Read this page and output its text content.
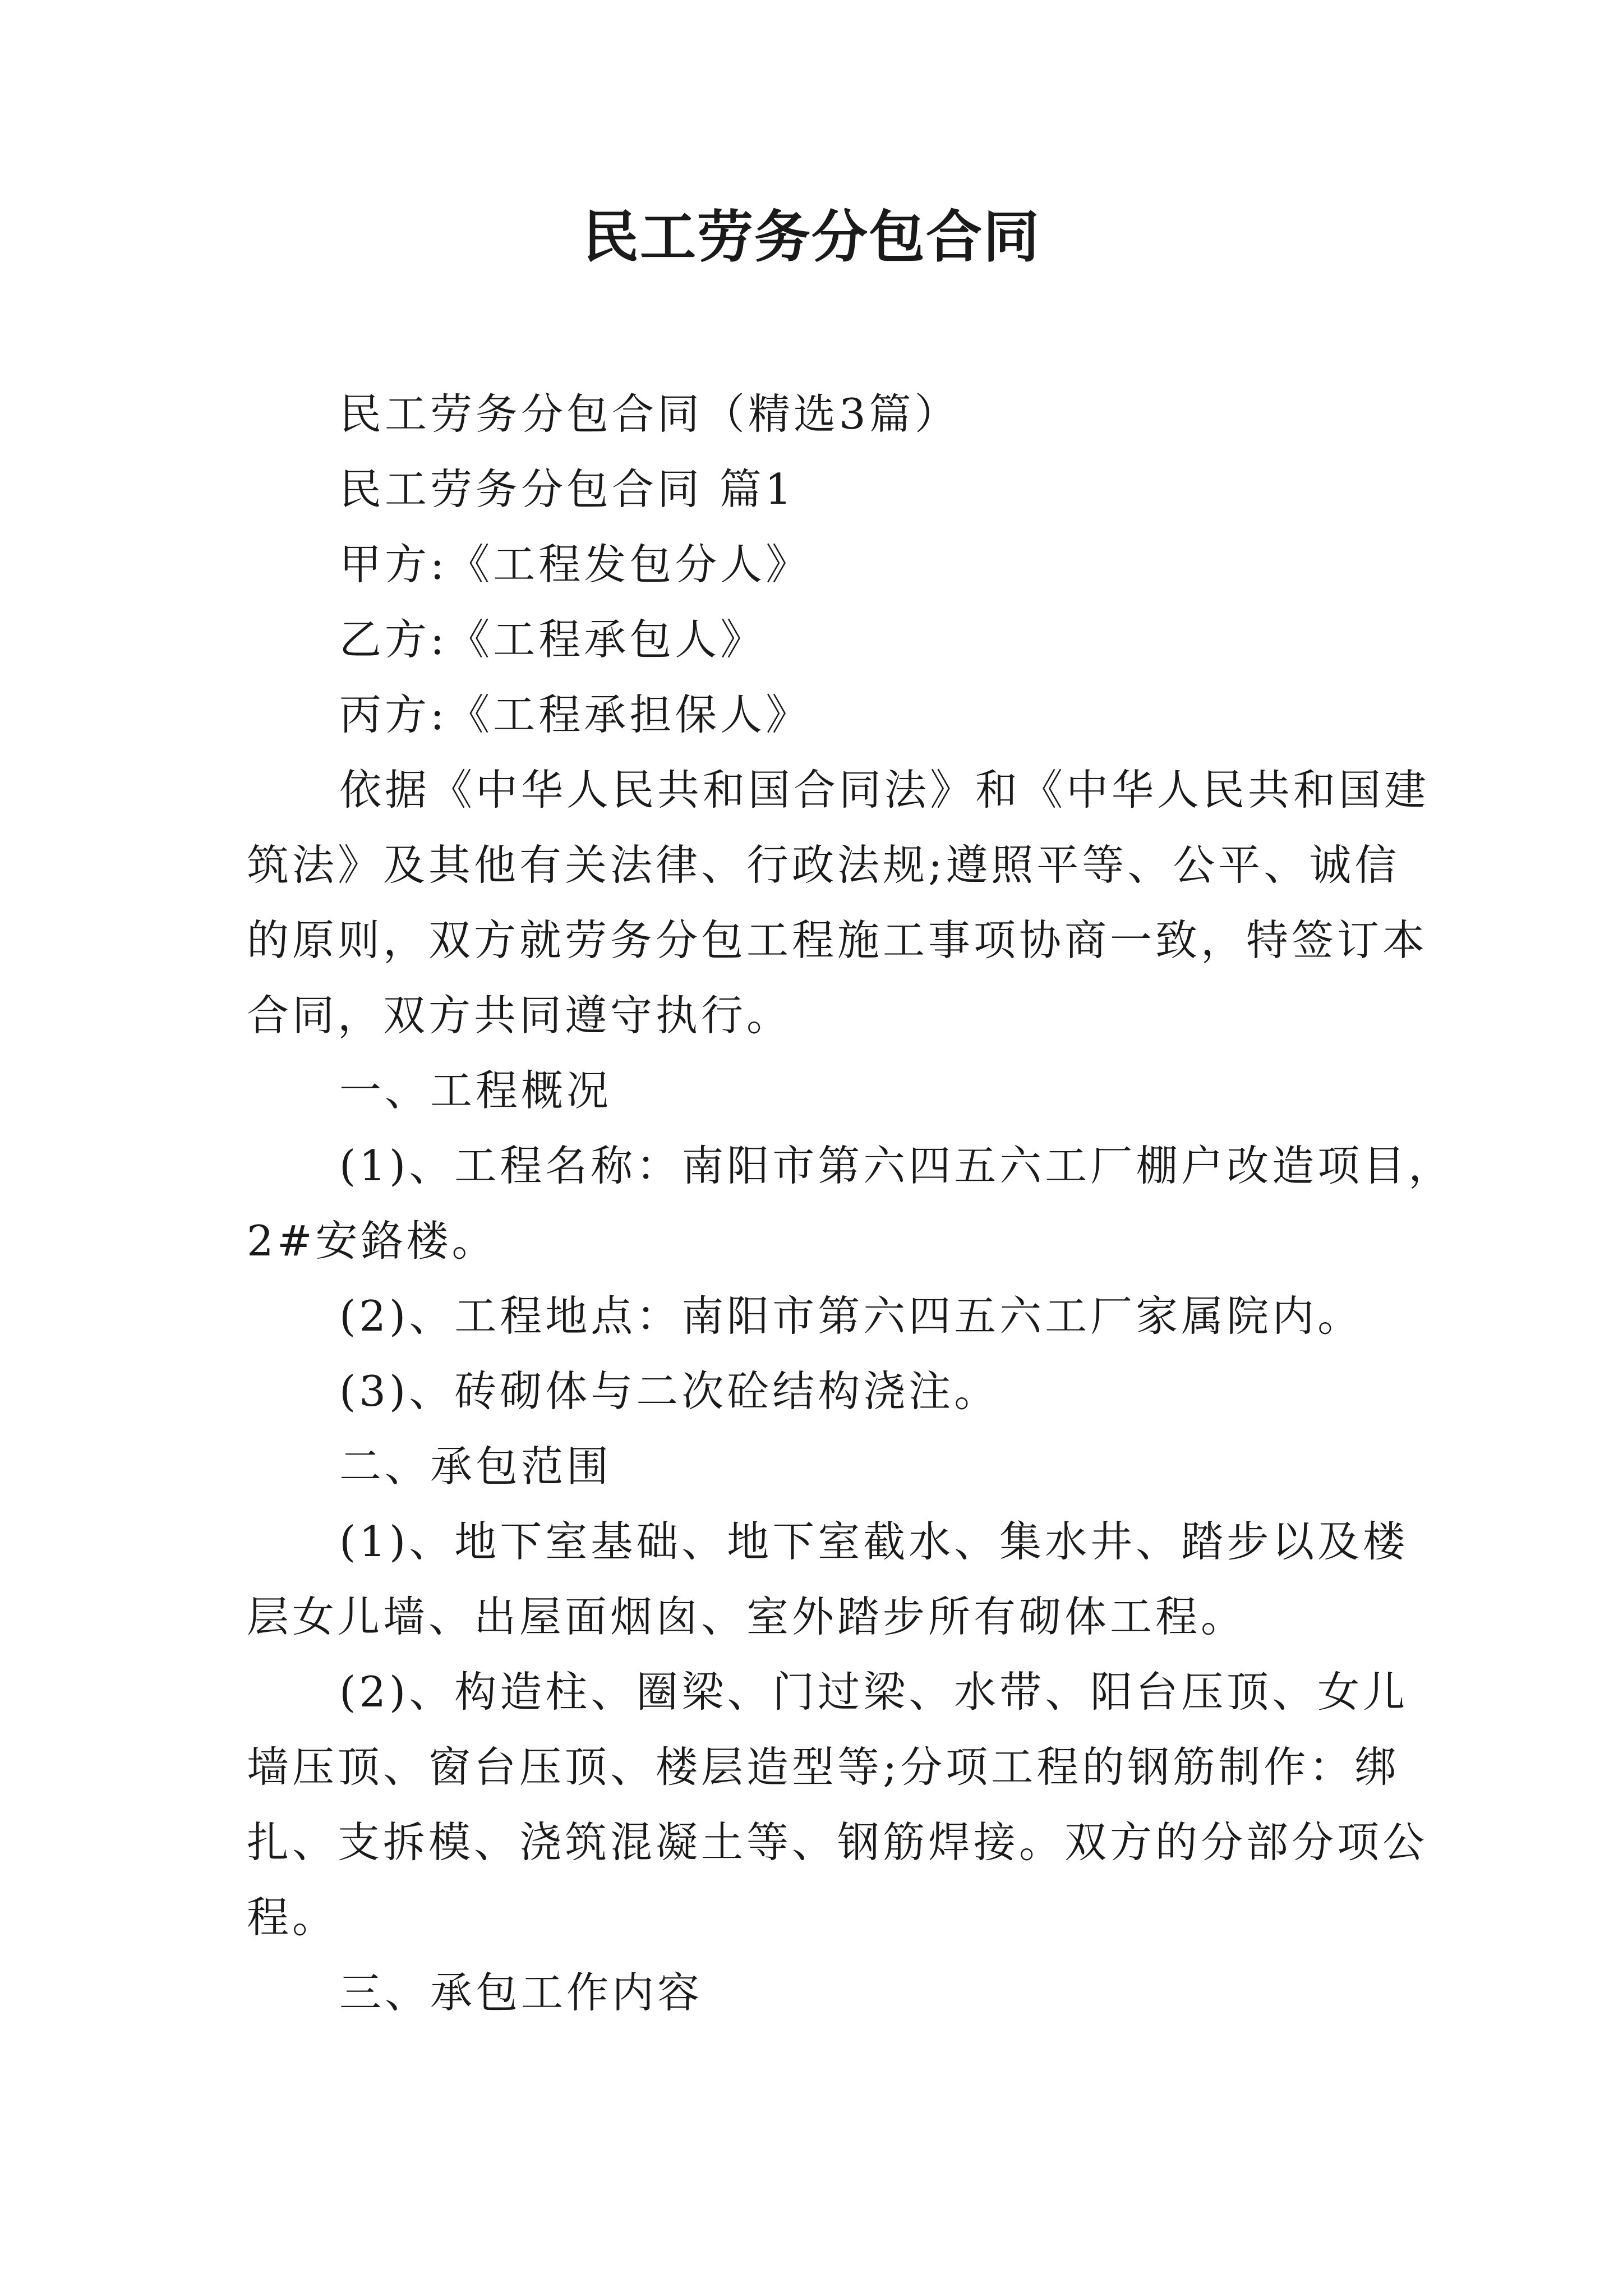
民工劳务分包合同
民工劳务分包合同（精选3篇）
民工劳务分包合同 篇1
甲方:《工程发包分人》
乙方:《工程承包人》
丙方:《工程承担保人》
依据《中华人民共和国合同法》和《中华人民共和国建
筑法》及其他有关法律、行政法规;遵照平等、公平、诚信
的原则，双方就劳务分包工程施工事项协商一致，特签订本
合同，双方共同遵守执行。
一、工程概况
(1)、工程名称：南阳市第六四五六工厂棚户改造项目，
2#安鉻楼。
(2)、工程地点：南阳市第六四五六工厂家属院内。
(3)、砖砌体与二次砼结构浇注。
二、承包范围
(1)、地下室基础、地下室截水、集水井、踏步以及楼
层女儿墙、出屋面烟囱、室外踏步所有砌体工程。
(2)、构造柱、圈梁、门过梁、水带、阳台压顶、女儿
墙压顶、窗台压顶、楼层造型等;分项工程的钢筋制作：绑
扎、支拆模、浇筑混凝土等、钢筋焊接。双方的分部分项公
程。
三、承包工作内容
